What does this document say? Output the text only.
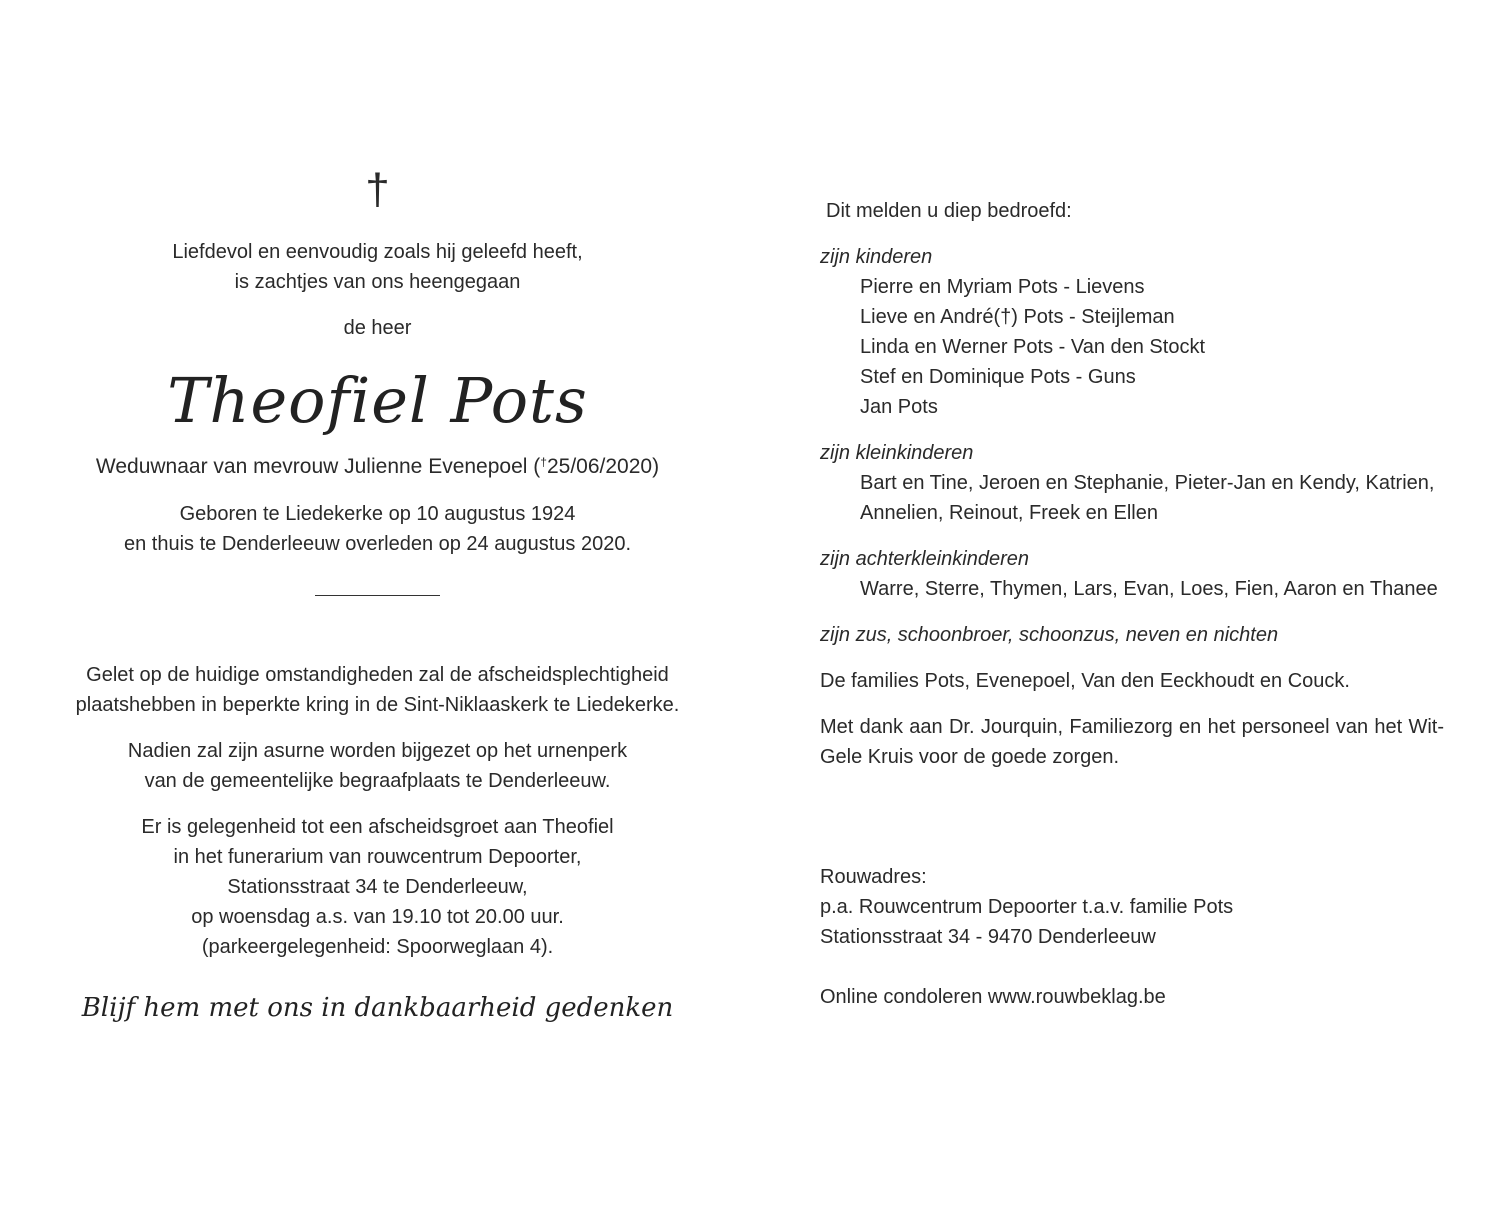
†

Liefdevol en eenvoudig zoals hij geleefd heeft,

is zachtjes van ons heengegaan

de heer

Theofiel Pots

Weduwnaar van mevrouw Julienne Evenepoel (†25/06/2020)

Geboren te Liedekerke op 10 augustus 1924

en thuis te Denderleeuw overleden op 24 augustus 2020.

Gelet op de huidige omstandigheden zal de afscheidsplechtigheid

plaatshebben in beperkte kring in de Sint-Niklaaskerk te Liedekerke.

Nadien zal zijn asurne worden bijgezet op het urnenperk

van de gemeentelijke begraafplaats te Denderleeuw.

Er is gelegenheid tot een afscheidsgroet aan Theofiel

in het funerarium van rouwcentrum Depoorter,

Stationsstraat 34 te Denderleeuw,

op woensdag a.s. van 19.10 tot 20.00 uur.

(parkeergelegenheid: Spoorweglaan 4).

Blijf hem met ons in dankbaarheid gedenken

Dit melden u diep bedroefd:

zijn kinderen

Pierre en Myriam Pots - Lievens

Lieve en André(†) Pots - Steijleman

Linda en Werner Pots - Van den Stockt

Stef en Dominique Pots - Guns

Jan Pots

zijn kleinkinderen

Bart en Tine, Jeroen en Stephanie, Pieter-Jan en Kendy, Katrien,

Annelien, Reinout, Freek en Ellen

zijn achterkleinkinderen

Warre, Sterre, Thymen, Lars, Evan, Loes, Fien, Aaron en Thanee

zijn zus, schoonbroer, schoonzus, neven en nichten

De families Pots, Evenepoel, Van den Eeckhoudt en Couck.

Met dank aan Dr. Jourquin, Familiezorg en het personeel van het Wit-Gele Kruis voor de goede zorgen.

Rouwadres:

p.a. Rouwcentrum Depoorter t.a.v. familie Pots

Stationsstraat 34 - 9470 Denderleeuw

Online condoleren www.rouwbeklag.be
